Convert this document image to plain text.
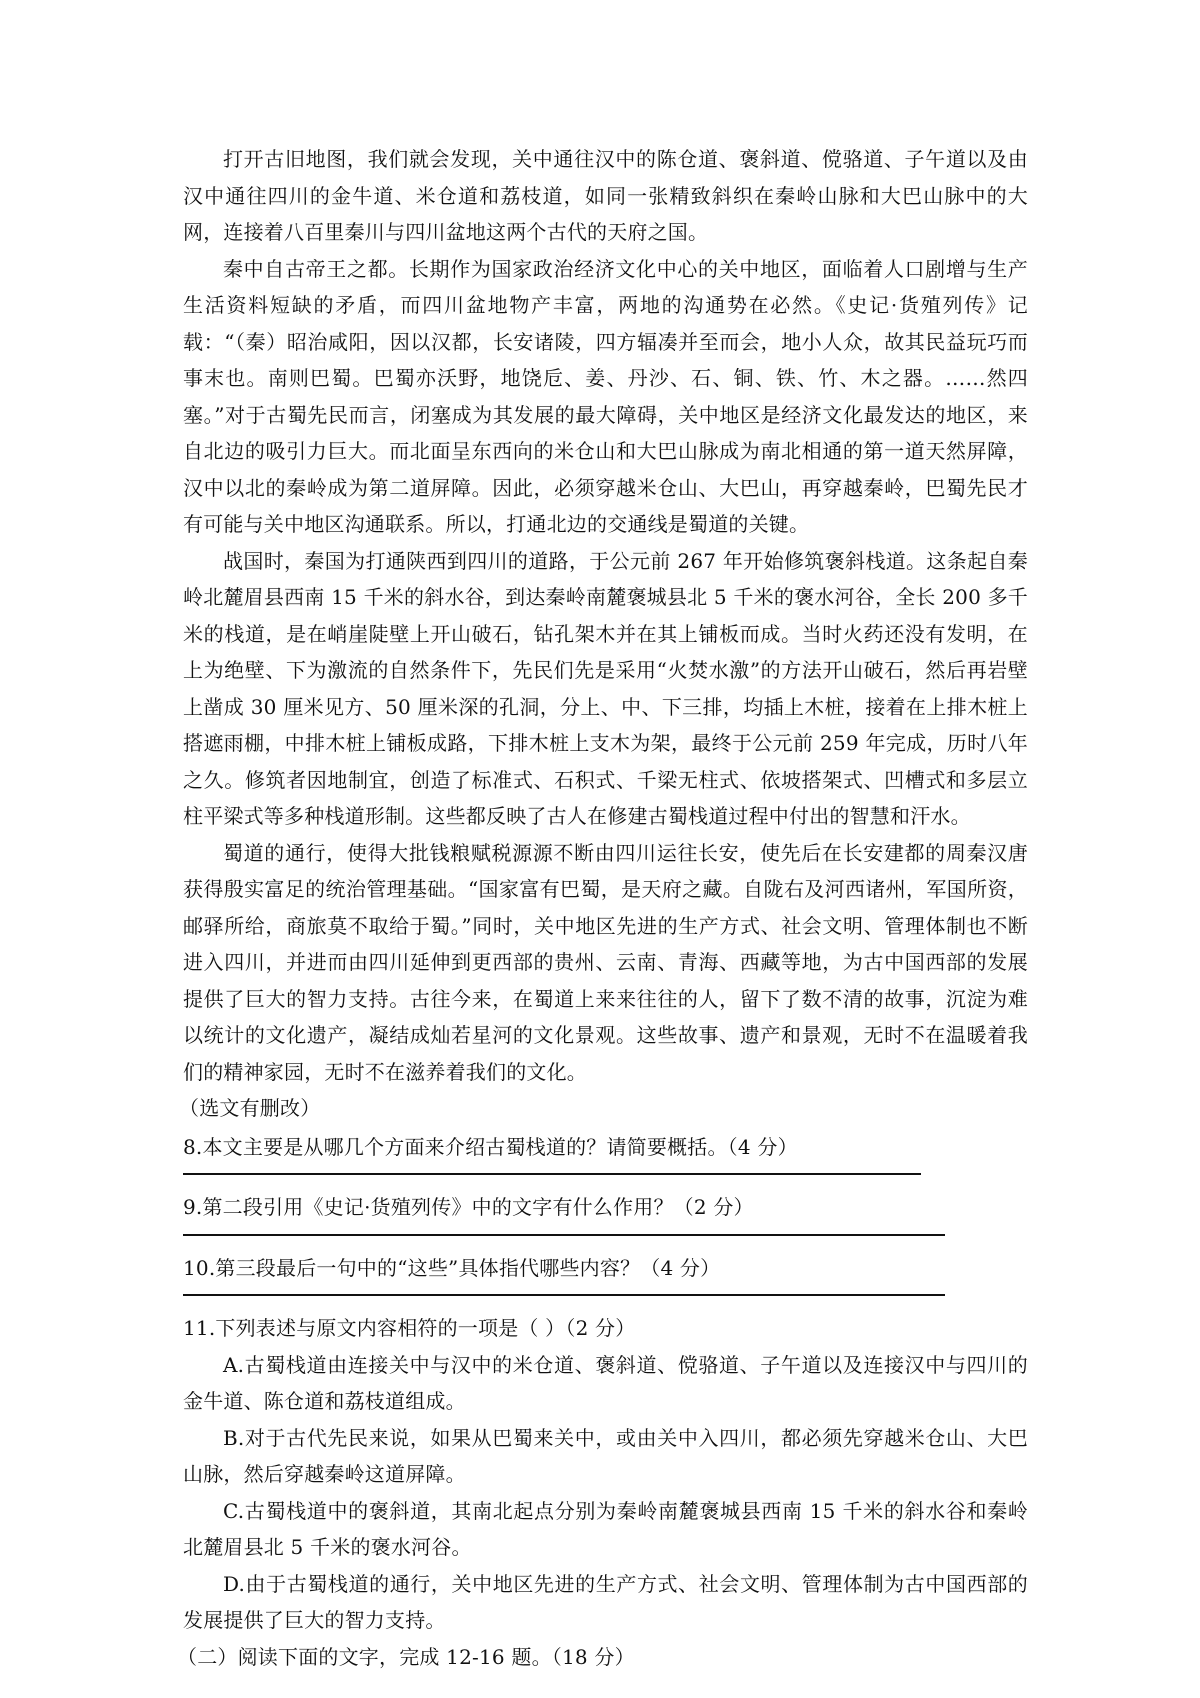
打开古旧地图，我们就会发现，关中通往汉中的陈仓道、褒斜道、傥骆道、子午道以及由汉中通往四川的金牛道、米仓道和荔枝道，如同一张精致斜织在秦岭山脉和大巴山脉中的大网，连接着八百里秦川与四川盆地这两个古代的天府之国。

秦中自古帝王之都。长期作为国家政治经济文化中心的关中地区，面临着人口剧增与生产生活资料短缺的矛盾，而四川盆地物产丰富，两地的沟通势在必然。《史记·货殖列传》记载：“（秦）昭治咸阳，因以汉都，长安诸陵，四方辐凑并至而会，地小人众，故其民益玩巧而事末也。南则巴蜀。巴蜀亦沃野，地饶卮、姜、丹沙、石、铜、铁、竹、木之器。……然四塞。”对于古蜀先民而言，闭塞成为其发展的最大障碍，关中地区是经济文化最发达的地区，来自北边的吸引力巨大。而北面呈东西向的米仓山和大巴山脉成为南北相通的第一道天然屏障，汉中以北的秦岭成为第二道屏障。因此，必须穿越米仓山、大巴山，再穿越秦岭，巴蜀先民才有可能与关中地区沟通联系。所以，打通北边的交通线是蜀道的关键。

战国时，秦国为打通陕西到四川的道路，于公元前 267 年开始修筑褒斜栈道。这条起自秦岭北麓眉县西南 15 千米的斜水谷，到达秦岭南麓褒城县北 5 千米的褒水河谷，全长 200 多千米的栈道，是在峭崖陡壁上开山破石，钻孔架木并在其上铺板而成。当时火药还没有发明，在上为绝壁、下为激流的自然条件下，先民们先是采用“火焚水激”的方法开山破石，然后再岩壁上凿成 30 厘米见方、50 厘米深的孔洞，分上、中、下三排，均插上木桩，接着在上排木桩上搭遮雨棚，中排木桩上铺板成路，下排木桩上支木为架，最终于公元前 259 年完成，历时八年之久。修筑者因地制宜，创造了标准式、石积式、千梁无柱式、依坡搭架式、凹槽式和多层立柱平梁式等多种栈道形制。这些都反映了古人在修建古蜀栈道过程中付出的智慧和汗水。

蜀道的通行，使得大批钱粮赋税源源不断由四川运往长安，使先后在长安建都的周秦汉唐获得殷实富足的统治管理基础。“国家富有巴蜀，是天府之藏。自陇右及河西诸州，军国所资，邮驿所给，商旅莫不取给于蜀。”同时，关中地区先进的生产方式、社会文明、管理体制也不断进入四川，并进而由四川延伸到更西部的贵州、云南、青海、西藏等地，为古中国西部的发展提供了巨大的智力支持。古往今来，在蜀道上来来往往的人，留下了数不清的故事，沉淀为难以统计的文化遗产，凝结成灿若星河的文化景观。这些故事、遗产和景观，无时不在温暖着我们的精神家园，无时不在滋养着我们的文化。

（选文有删改）

8.本文主要是从哪几个方面来介绍古蜀栈道的？请简要概括。（4 分）

9.第二段引用《史记·货殖列传》中的文字有什么作用？（2 分）

10.第三段最后一句中的“这些”具体指代哪些内容？（4 分）

11.下列表述与原文内容相符的一项是（ ）（2 分）

A.古蜀栈道由连接关中与汉中的米仓道、褒斜道、傥骆道、子午道以及连接汉中与四川的金牛道、陈仓道和荔枝道组成。

B.对于古代先民来说，如果从巴蜀来关中，或由关中入四川，都必须先穿越米仓山、大巴山脉，然后穿越秦岭这道屏障。

C.古蜀栈道中的褒斜道，其南北起点分别为秦岭南麓褒城县西南 15 千米的斜水谷和秦岭北麓眉县北 5 千米的褒水河谷。

D.由于古蜀栈道的通行，关中地区先进的生产方式、社会文明、管理体制为古中国西部的发展提供了巨大的智力支持。

（二）阅读下面的文字，完成 12-16 题。（18 分）
